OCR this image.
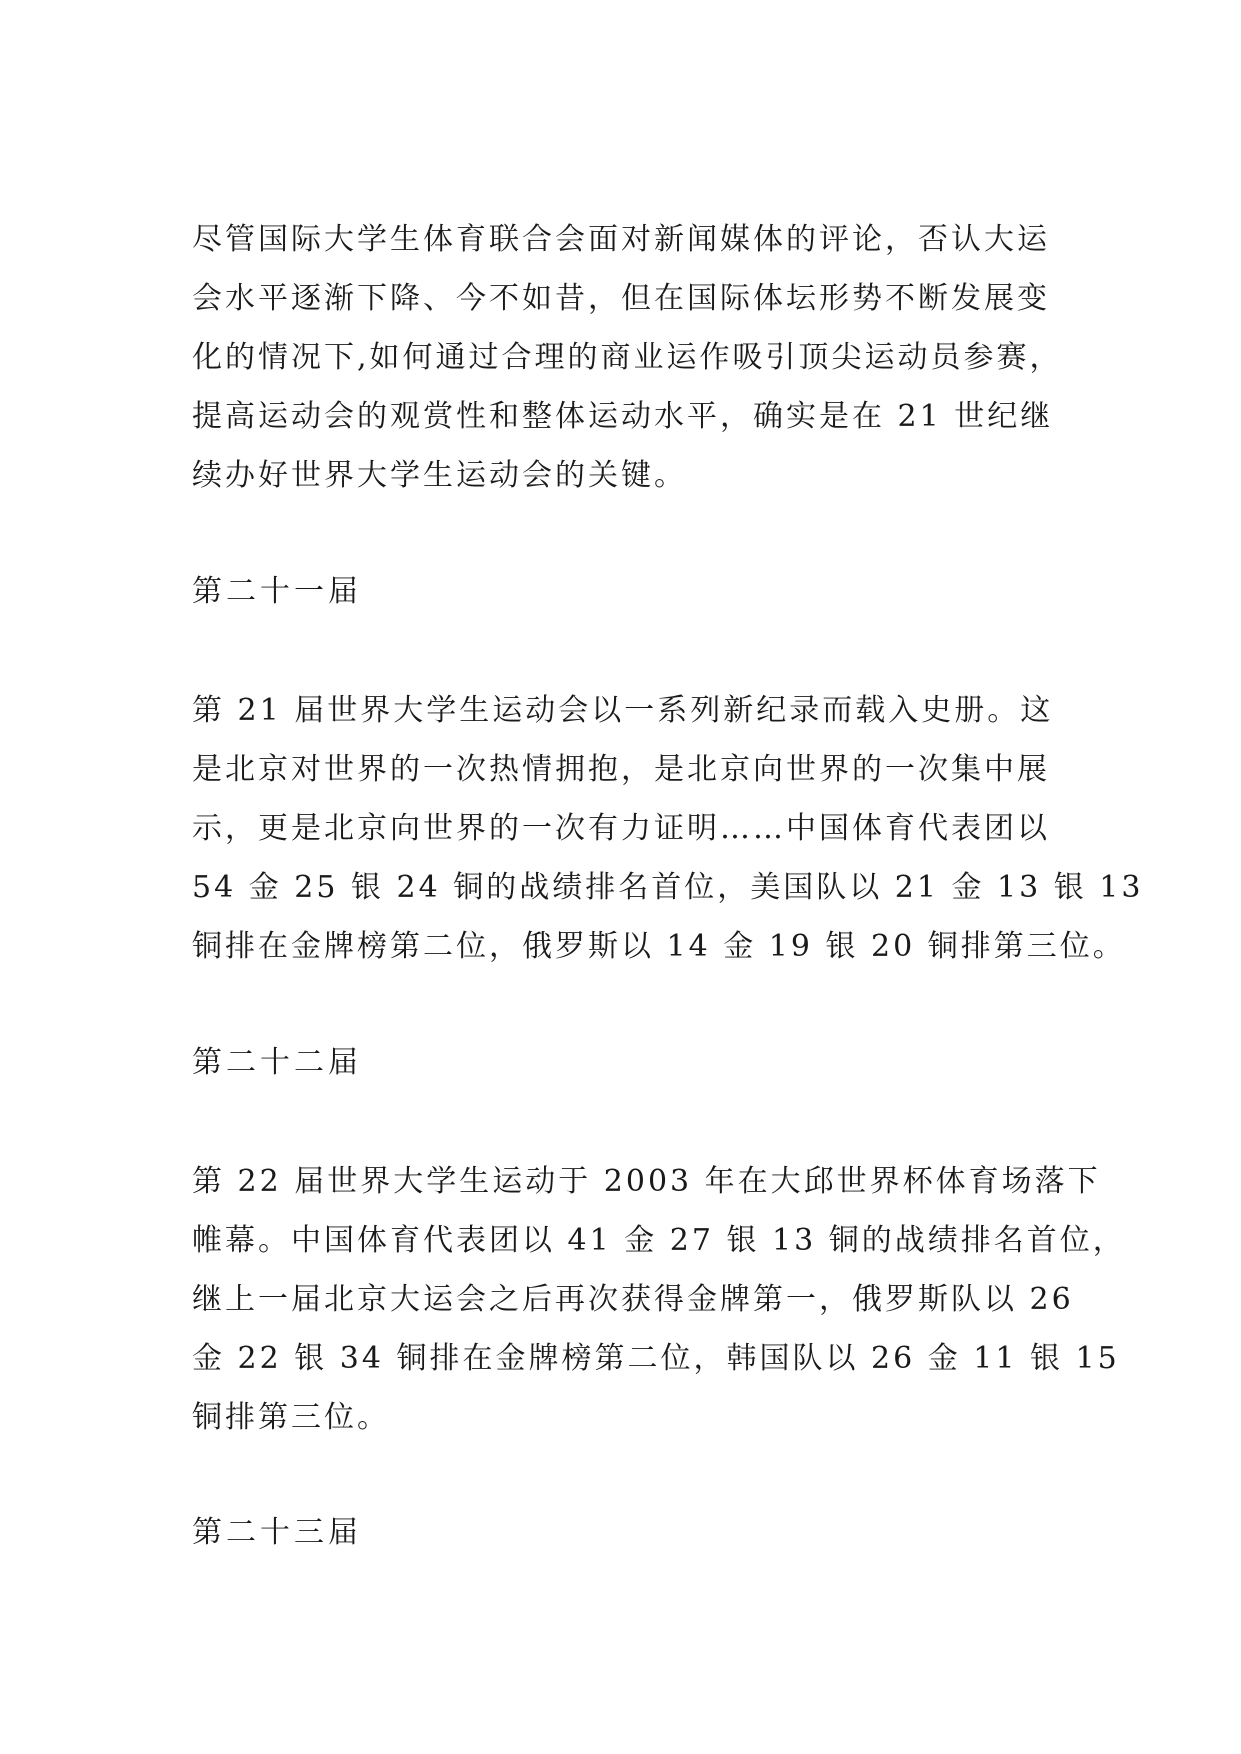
尽管国际大学生体育联合会面对新闻媒体的评论，否认大运
会水平逐渐下降、今不如昔，但在国际体坛形势不断发展变
化的情况下,如何通过合理的商业运作吸引顶尖运动员参赛，
提高运动会的观赏性和整体运动水平，确实是在 21 世纪继
续办好世界大学生运动会的关键。
第二十一届
第 21 届世界大学生运动会以一系列新纪录而载入史册。这
是北京对世界的一次热情拥抱，是北京向世界的一次集中展
示，更是北京向世界的一次有力证明……中国体育代表团以
54 金 25 银 24 铜的战绩排名首位，美国队以 21 金 13 银 13
铜排在金牌榜第二位，俄罗斯以 14 金 19 银 20 铜排第三位。
第二十二届
第 22 届世界大学生运动于 2003 年在大邱世界杯体育场落下
帷幕。中国体育代表团以 41 金 27 银 13 铜的战绩排名首位，
继上一届北京大运会之后再次获得金牌第一，俄罗斯队以 26
金 22 银 34 铜排在金牌榜第二位，韩国队以 26 金 11 银 15
铜排第三位。
第二十三届
